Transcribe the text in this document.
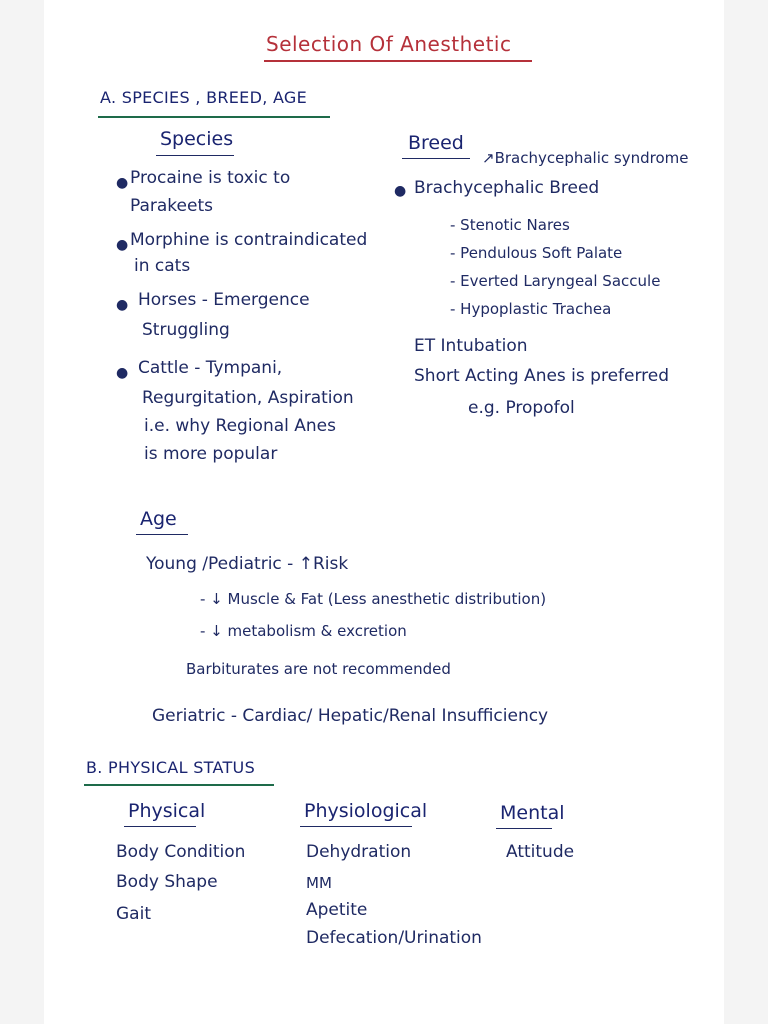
Selection Of Anesthetic
A. SPECIES , BREED, AGE
Species
● Procaine is toxic to
Parakeets
● Morphine is contraindicated
in cats
● Horses - Emergence
Struggling
● Cattle - Tympani,
Regurgitation, Aspiration
i.e. why Regional Anes
is more popular
Breed
↗Brachycephalic syndrome
● Brachycephalic Breed
- Stenotic Nares
- Pendulous Soft Palate
- Everted Laryngeal Saccule
- Hypoplastic Trachea
ET Intubation
Short Acting Anes is preferred
e.g. Propofol
Age
Young /Pediatric - ↑Risk
- ↓ Muscle & Fat (Less anesthetic distribution)
- ↓ metabolism & excretion
Barbiturates are not recommended
Geriatric - Cardiac/ Hepatic/Renal Insufficiency
B. PHYSICAL STATUS
Physical
Body Condition
Body Shape
Gait
Physiological
Dehydration
MM
Apetite
Defecation/Urination
Mental
Attitude
